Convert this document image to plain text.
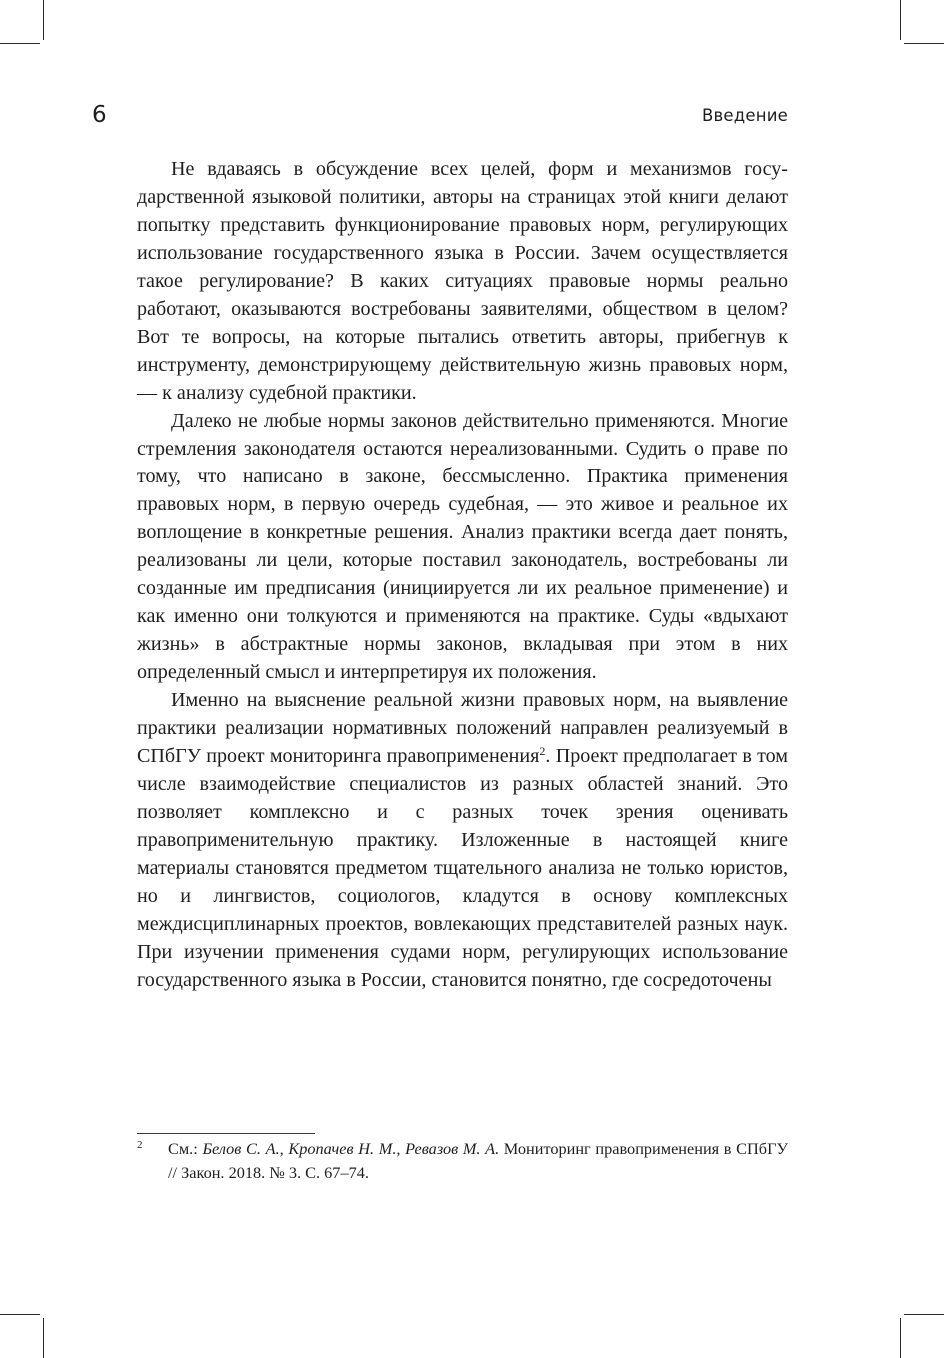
6	Введение

Не вдаваясь в обсуждение всех целей, форм и механизмов государственной языковой политики, авторы на страницах этой книги делают попытку представить функционирование правовых норм, регулирующих использование государственного языка в России. Зачем осуществляется такое регулирование? В каких ситуациях правовые нормы реально работают, оказываются востребованы заявителями, обществом в целом? Вот те вопросы, на которые пытались ответить авторы, прибегнув к инструменту, демонстрирующему действительную жизнь правовых норм, — к анализу судебной практики.

Далеко не любые нормы законов действительно применяются. Многие стремления законодателя остаются нереализованными. Судить о праве по тому, что написано в законе, бессмысленно. Практика применения правовых норм, в первую очередь судебная, — это живое и реальное их воплощение в конкретные решения. Анализ практики всегда дает понять, реализованы ли цели, которые поставил законодатель, востребованы ли созданные им предписания (инициируется ли их реальное применение) и как именно они толкуются и применяются на практике. Суды «вдыхают жизнь» в абстрактные нормы законов, вкладывая при этом в них определенный смысл и интерпретируя их положения.

Именно на выяснение реальной жизни правовых норм, на выявление практики реализации нормативных положений направлен реализуемый в СПбГУ проект мониторинга правоприменения$^2$. Проект предполагает в том числе взаимодействие специалистов из разных областей знаний. Это позволяет комплексно и с разных точек зрения оценивать правоприменительную практику. Изложенные в настоящей книге материалы становятся предметом тщательного анализа не только юристов, но и лингвистов, социологов, кладутся в основу комплексных междисциплинарных проектов, вовлекающих представителей разных наук. При изучении применения судами норм, регулирующих использование государственного языка в России, становится понятно, где сосредоточены

2 См.: Белов С. А., Кропачев Н. М., Ревазов М. А. Мониторинг правоприменения в СПбГУ // Закон. 2018. № 3. С. 67–74.
